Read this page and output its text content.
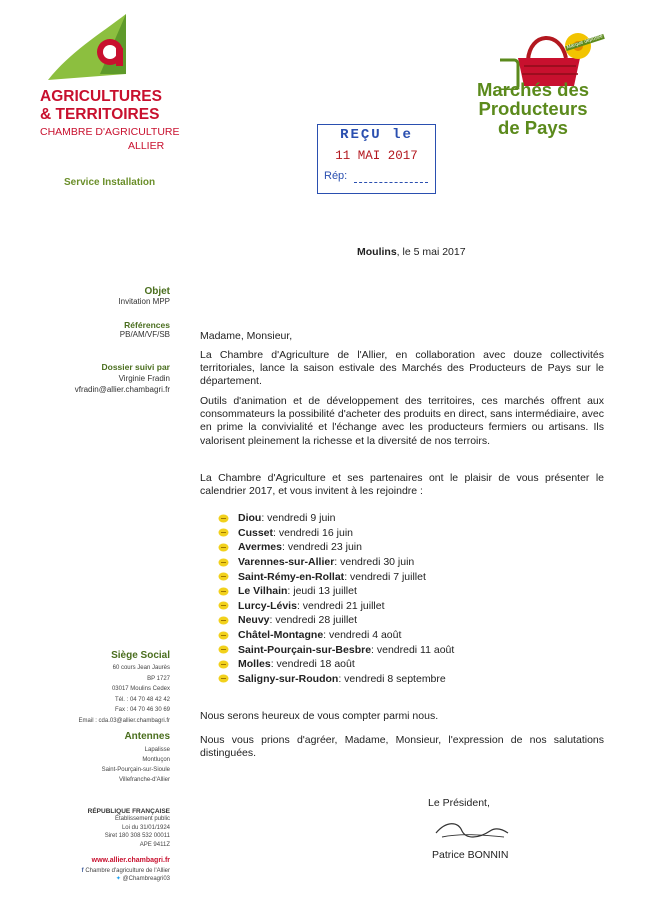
AGRICULTURES
& TERRITOIRES
CHAMBRE D'AGRICULTURE
ALLIER
Service Installation
REÇU le
11 MAI 2017
Rép:
Marque déposée
Marchés des
Producteurs
de Pays
Moulins, le 5 mai 2017
Objet
Invitation MPP
Références
PB/AM/VF/SB
Dossier suivi par
Virginie Fradin
vfradin@allier.chambagri.fr
Siège Social
60 cours Jean Jaurès
BP 1727
03017 Moulins Cedex
Tél. : 04 70 48 42 42
Fax : 04 70 46 30 69
Email : cda.03@allier.chambagri.fr
Antennes
Lapalisse
Montluçon
Saint-Pourçain-sur-Sioule
Villefranche-d'Allier
RÉPUBLIQUE FRANÇAISE
Établissement public
Loi du 31/01/1924
Siret 180 308 532 00011
APE 9411Z
www.allier.chambagri.fr
f Chambre d'agriculture de l'Allier
✦ @Chambreagri03
Madame, Monsieur,
La Chambre d'Agriculture de l'Allier, en collaboration avec douze collectivités territoriales, lance la saison estivale des Marchés des Producteurs de Pays sur le département.
Outils d'animation et de développement des territoires, ces marchés offrent aux consommateurs la possibilité d'acheter des produits en direct, sans intermédiaire, avec en prime la convivialité et l'échange avec les producteurs fermiers ou artisans. Ils valorisent pleinement la richesse et la diversité de nos terroirs.
La Chambre d'Agriculture et ses partenaires ont le plaisir de vous présenter le calendrier 2017, et vous invitent à les rejoindre :
Diou : vendredi 9 juin
Cusset : vendredi 16 juin
Avermes : vendredi 23 juin
Varennes-sur-Allier : vendredi 30 juin
Saint-Rémy-en-Rollat : vendredi 7 juillet
Le Vilhain : jeudi 13 juillet
Lurcy-Lévis : vendredi 21 juillet
Neuvy : vendredi 28 juillet
Châtel-Montagne : vendredi 4 août
Saint-Pourçain-sur-Besbre : vendredi 11 août
Molles : vendredi 18 août
Saligny-sur-Roudon : vendredi 8 septembre
Nous serons heureux de vous compter parmi nous.
Nous vous prions d'agréer, Madame, Monsieur, l'expression de nos salutations distinguées.
Le Président,
Patrice BONNIN
